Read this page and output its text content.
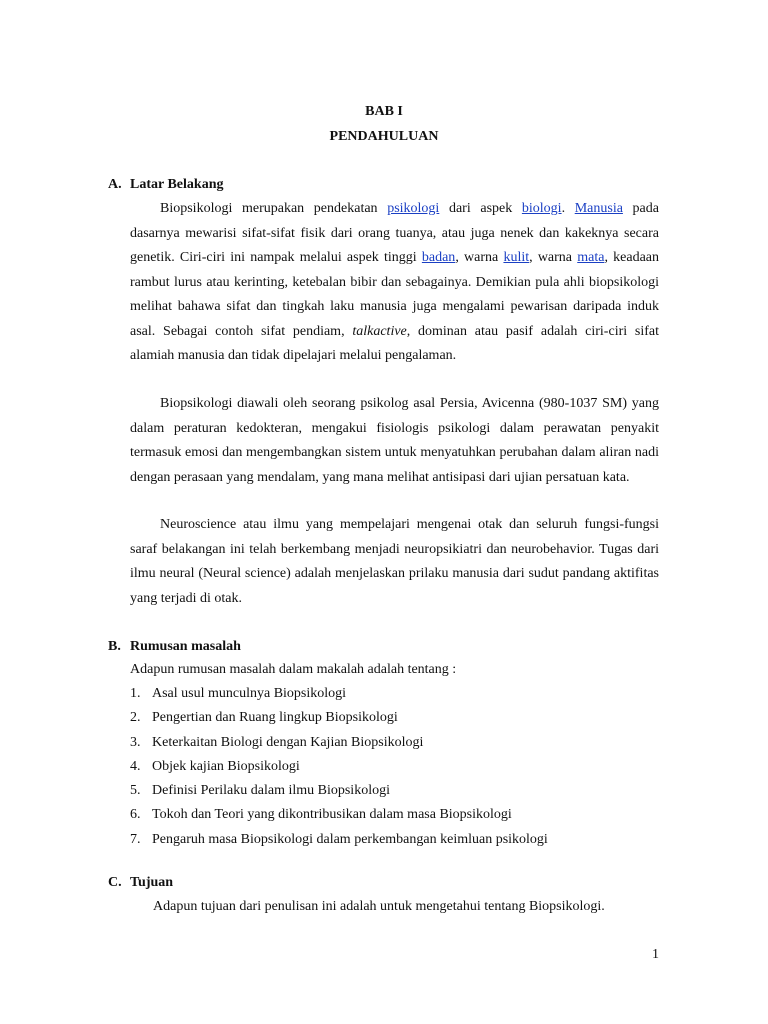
BAB I
PENDAHULUAN
A. Latar Belakang

Biopsikologi merupakan pendekatan psikologi dari aspek biologi. Manusia pada dasarnya mewarisi sifat-sifat fisik dari orang tuanya, atau juga nenek dan kakeknya secara genetik. Ciri-ciri ini nampak melalui aspek tinggi badan, warna kulit, warna mata, keadaan rambut lurus atau kerinting, ketebalan bibir dan sebagainya. Demikian pula ahli biopsikologi melihat bahawa sifat dan tingkah laku manusia juga mengalami pewarisan daripada induk asal. Sebagai contoh sifat pendiam, talkactive, dominan atau pasif adalah ciri-ciri sifat alamiah manusia dan tidak dipelajari melalui pengalaman.

Biopsikologi diawali oleh seorang psikolog asal Persia, Avicenna (980-1037 SM) yang dalam peraturan kedokteran, mengakui fisiologis psikologi dalam perawatan penyakit termasuk emosi dan mengembangkan sistem untuk menyatuhkan perubahan dalam aliran nadi dengan perasaan yang mendalam, yang mana melihat antisipasi dari ujian persatuan kata.

Neuroscience atau ilmu yang mempelajari mengenai otak dan seluruh fungsi-fungsi saraf belakangan ini telah berkembang menjadi neuropsikiatri dan neurobehavior. Tugas dari ilmu neural (Neural science) adalah menjelaskan prilaku manusia dari sudut pandang aktifitas yang terjadi di otak.

B. Rumusan masalah
Adapun rumusan masalah dalam makalah adalah tentang :
1. Asal usul munculnya Biopsikologi
2. Pengertian dan Ruang lingkup Biopsikologi
3. Keterkaitan Biologi dengan Kajian Biopsikologi
4. Objek kajian Biopsikologi
5. Definisi Perilaku dalam ilmu Biopsikologi
6. Tokoh dan Teori yang dikontribusikan dalam masa Biopsikologi
7. Pengaruh masa Biopsikologi dalam perkembangan keimluan psikologi
C. Tujuan
Adapun tujuan dari penulisan ini adalah untuk mengetahui tentang Biopsikologi.
1
